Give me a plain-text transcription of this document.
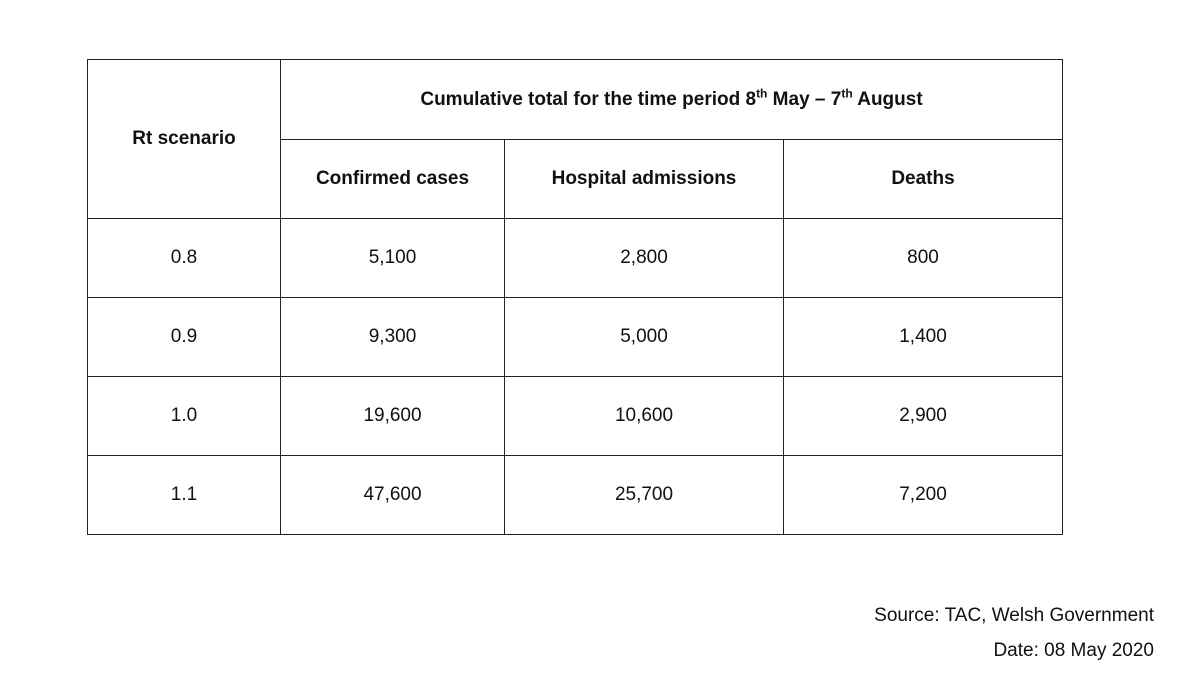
Rt scenario	Cumulative total for the time period 8th May – 7th August		
	Confirmed cases	Hospital admissions	Deaths
0.8	5,100	2,800	800
0.9	9,300	5,000	1,400
1.0	19,600	10,600	2,900
1.1	47,600	25,700	7,200
Source: TAC, Welsh Government
Date: 08 May 2020
